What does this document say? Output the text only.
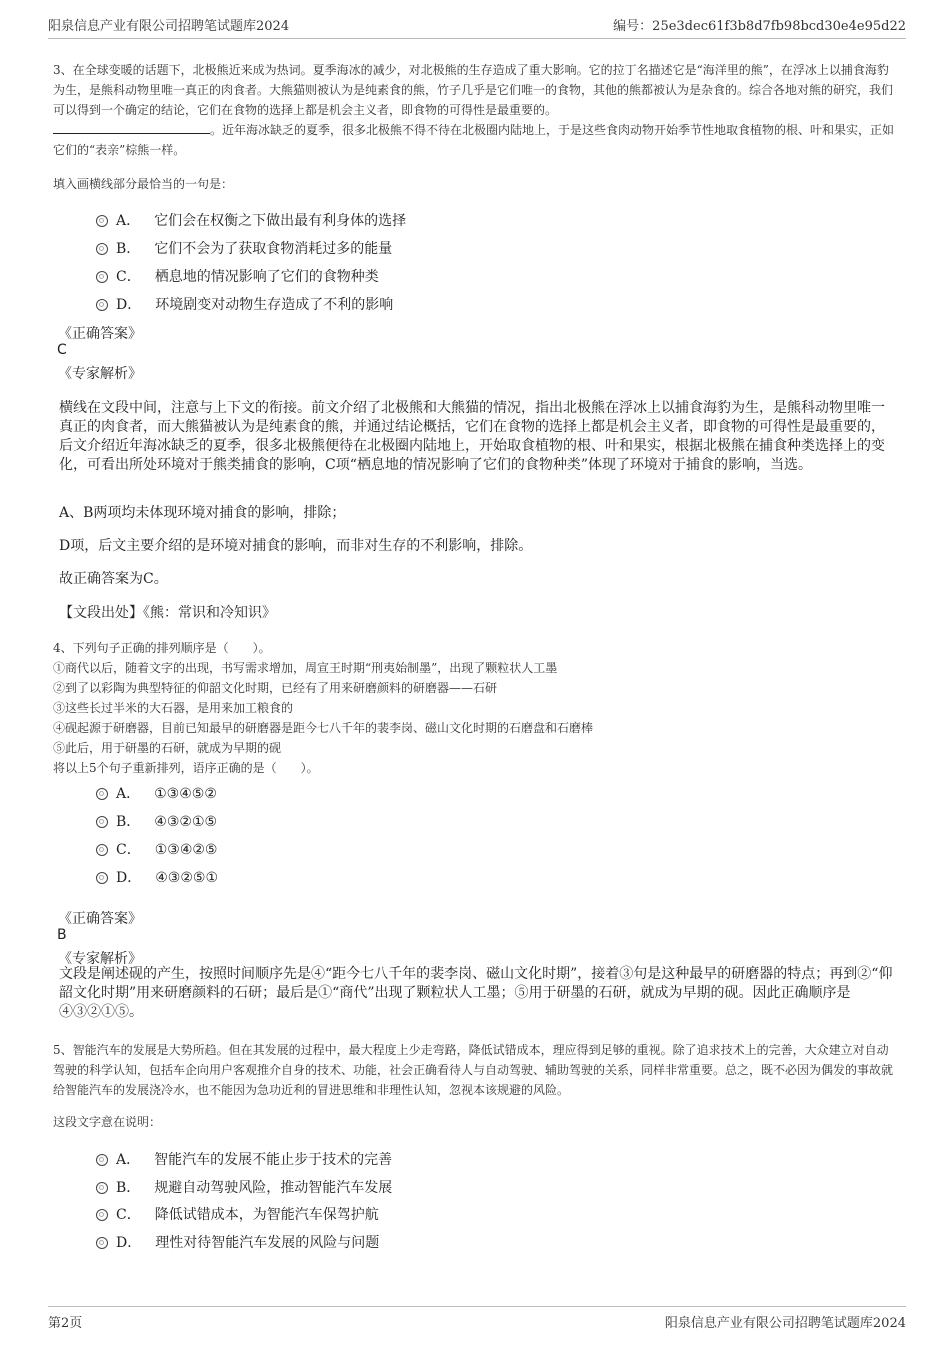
阳泉信息产业有限公司招聘笔试题库2024	编号：25e3dec61f3b8d7fb98bcd30e4e95d22

3、在全球变暖的话题下，北极熊近来成为热词。夏季海冰的减少，对北极熊的生存造成了重大影响。它的拉丁名描述它是“海洋里的熊”，在浮冰上以捕食海豹为生，是熊科动物里唯一真正的肉食者。大熊猫则被认为是纯素食的熊，竹子几乎是它们唯一的食物，其他的熊都被认为是杂食的。综合各地对熊的研究，我们可以得到一个确定的结论，它们在食物的选择上都是机会主义者，即食物的可得性是最重要的。
。近年海冰缺乏的夏季，很多北极熊不得不待在北极圈内陆地上，于是这些食肉动物开始季节性地取食植物的根、叶和果实，正如它们的“表亲”棕熊一样。

填入画横线部分最恰当的一句是：

A． 它们会在权衡之下做出最有利身体的选择
B． 它们不会为了获取食物消耗过多的能量
C． 栖息地的情况影响了它们的食物种类
D． 环境剧变对动物生存造成了不利的影响
《正确答案》
C
《专家解析》

横线在文段中间，注意与上下文的衔接。前文介绍了北极熊和大熊猫的情况，指出北极熊在浮冰上以捕食海豹为生，是熊科动物里唯一真正的肉食者，而大熊猫被认为是纯素食的熊，并通过结论概括，它们在食物的选择上都是机会主义者，即食物的可得性是最重要的，后文介绍近年海冰缺乏的夏季，很多北极熊便待在北极圈内陆地上，开始取食植物的根、叶和果实，根据北极熊在捕食种类选择上的变化，可看出所处环境对于熊类捕食的影响，C项“栖息地的情况影响了它们的食物种类”体现了环境对于捕食的影响，当选。

A、B两项均未体现环境对捕食的影响，排除；

D项，后文主要介绍的是环境对捕食的影响，而非对生存的不利影响，排除。

故正确答案为C。

【文段出处】《熊：常识和冷知识》

4、下列句子正确的排列顺序是（　　）。

①商代以后，随着文字的出现，书写需求增加，周宣王时期“刑夷始制墨”，出现了颗粒状人工墨

②到了以彩陶为典型特征的仰韶文化时期，已经有了用来研磨颜料的研磨器——石研

③这些长过半米的大石器，是用来加工粮食的

④砚起源于研磨器，目前已知最早的研磨器是距今七八千年的裴李岗、磁山文化时期的石磨盘和石磨棒

⑤此后，用于研墨的石研，就成为早期的砚

将以上5个句子重新排列，语序正确的是（　　）。

A． ①③④⑤②
B． ④③②①⑤
C． ①③④②⑤
D． ④③②⑤①
《正确答案》
B
《专家解析》

文段是阐述砚的产生，按照时间顺序先是④“距今七八千年的裴李岗、磁山文化时期”，接着③句是这种最早的研磨器的特点；再到②“仰韶文化时期”用来研磨颜料的石研；最后是①“商代”出现了颗粒状人工墨；⑤用于研墨的石研，就成为早期的砚。因此正确顺序是④③②①⑤。

5、智能汽车的发展是大势所趋。但在其发展的过程中，最大程度上少走弯路，降低试错成本，理应得到足够的重视。除了追求技术上的完善，大众建立对自动驾驶的科学认知，包括车企向用户客观推介自身的技术、功能，社会正确看待人与自动驾驶、辅助驾驶的关系，同样非常重要。总之，既不必因为偶发的事故就给智能汽车的发展浇冷水，也不能因为急功近利的冒进思维和非理性认知，忽视本该规避的风险。

这段文字意在说明：

A． 智能汽车的发展不能止步于技术的完善
B． 规避自动驾驶风险，推动智能汽车发展
C． 降低试错成本，为智能汽车保驾护航
D． 理性对待智能汽车发展的风险与问题
第2页	阳泉信息产业有限公司招聘笔试题库2024
